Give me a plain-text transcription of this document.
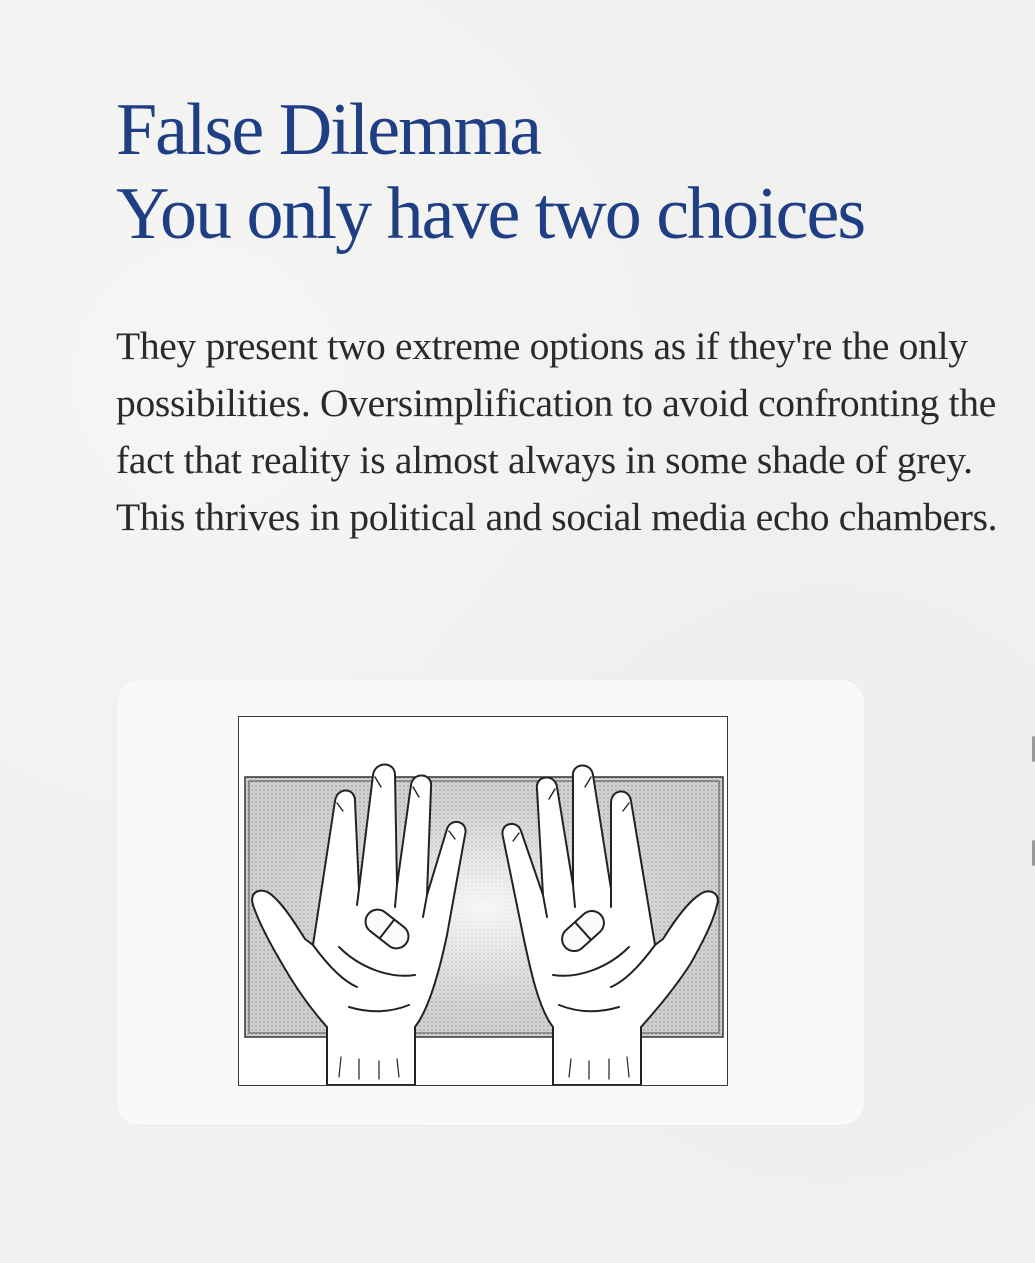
False Dilemma
You only have two choices

They present two extreme options as if they're the only possibilities. Oversimplification to avoid confronting the fact that reality is almost always in some shade of grey. This thrives in political and social media echo chambers.
